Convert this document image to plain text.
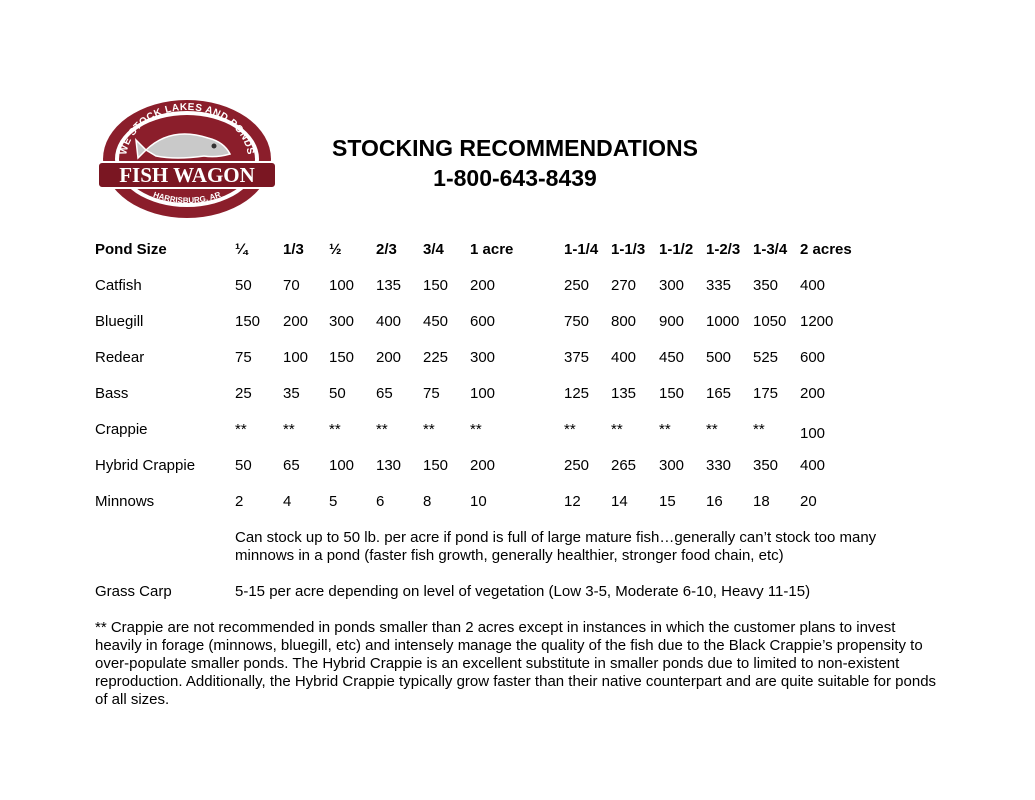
WE STOCK LAKES AND PONDS
FISH WAGON
HARRISBURG, AR
STOCKING RECOMMENDATIONS
1-800-643-8439
Pond Size	¼ 1/3 ½ 2/3 3/4 1 acre	1-1/4 1-1/3 1-1/2 1-2/3 1-3/4 2 acres
Catfish	50 70 100 135 150 200	250 270 300 335 350 400
Bluegill	150 200 300 400 450 600	750 800 900 1000 1050 1200
Redear	75 100 150 200 225 300	375 400 450 500 525 600
Bass	25 35 50 65 75 100	125 135 150 165 175 200
Crappie	** ** ** ** ** **	** ** ** ** ** 100
Hybrid Crappie	50 65 100 130 150 200	250 265 300 330 350 400
Minnows	2	4	5	6	8	10	12 14 15 16 18 20
Can stock up to 50 lb. per acre if pond is full of large mature fish…generally can’t stock too many minnows in a pond (faster fish growth, generally healthier, stronger food chain, etc)
Grass Carp	5-15 per acre depending on level of vegetation (Low 3-5, Moderate 6-10, Heavy 11-15)
** Crappie are not recommended in ponds smaller than 2 acres except in instances in which the customer plans to invest heavily in forage (minnows, bluegill, etc) and intensely manage the quality of the fish due to the Black Crappie’s propensity to over-populate smaller ponds. The Hybrid Crappie is an excellent substitute in smaller ponds due to limited to non-existent reproduction. Additionally, the Hybrid Crappie typically grow faster than their native counterpart and are quite suitable for ponds of all sizes.
